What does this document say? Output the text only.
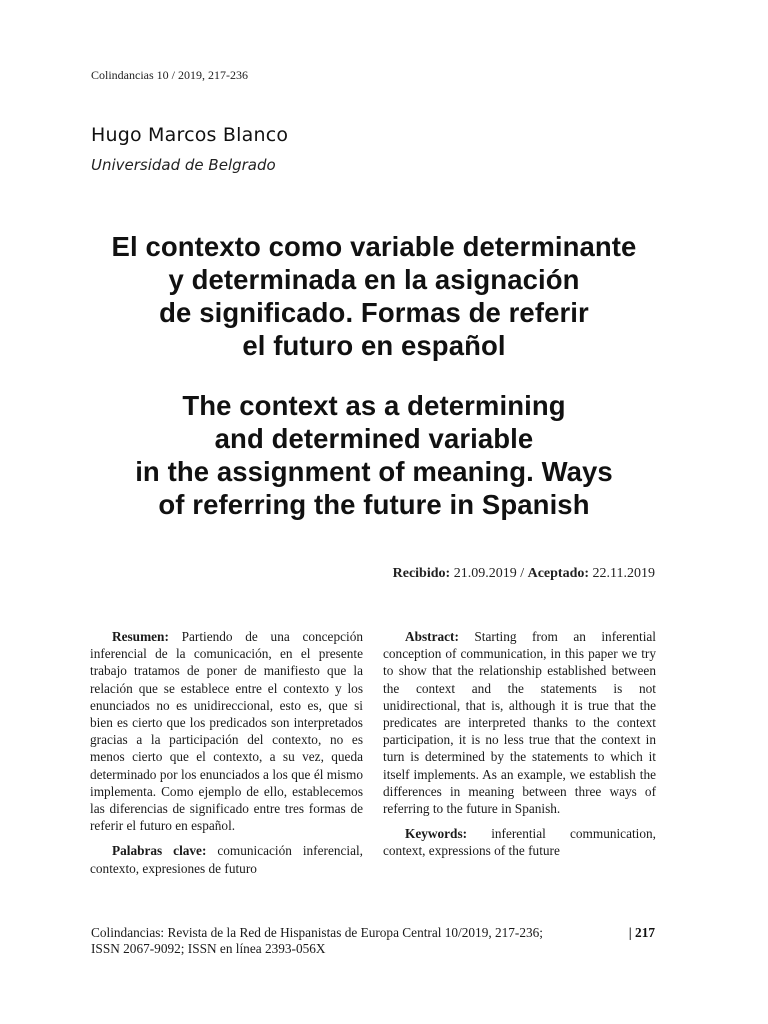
Colindancias 10 / 2019, 217-236
Hugo Marcos Blanco
Universidad de Belgrado
El contexto como variable determinante
y determinada en la asignación
de significado. Formas de referir
el futuro en español
The context as a determining
and determined variable
in the assignment of meaning. Ways
of referring the future in Spanish
Recibido: 21.09.2019 / Aceptado: 22.11.2019

Resumen: Partiendo de una concepción inferencial de la comunicación, en el presente trabajo tratamos de poner de manifiesto que la relación que se establece entre el contexto y los enunciados no es unidireccional, esto es, que si bien es cierto que los predicados son interpretados gracias a la participación del contexto, no es menos cierto que el contexto, a su vez, queda determinado por los enunciados a los que él mismo implementa. Como ejemplo de ello, establecemos las diferencias de significado entre tres formas de referir el futuro en español.

Palabras clave: comunicación inferencial, contexto, expresiones de futuro

Abstract: Starting from an inferential conception of communication, in this paper we try to show that the relationship established between the context and the statements is not unidirectional, that is, although it is true that the predicates are interpreted thanks to the context participation, it is no less true that the context in turn is determined by the statements to which it itself implements. As an example, we establish the differences in meaning between three ways of referring to the future in Spanish.

Keywords: inferential communication, context, expressions of the future

Colindancias: Revista de la Red de Hispanistas de Europa Central 10/2019, 217-236;
ISSN 2067-9092; ISSN en línea 2393-056X
| 217
